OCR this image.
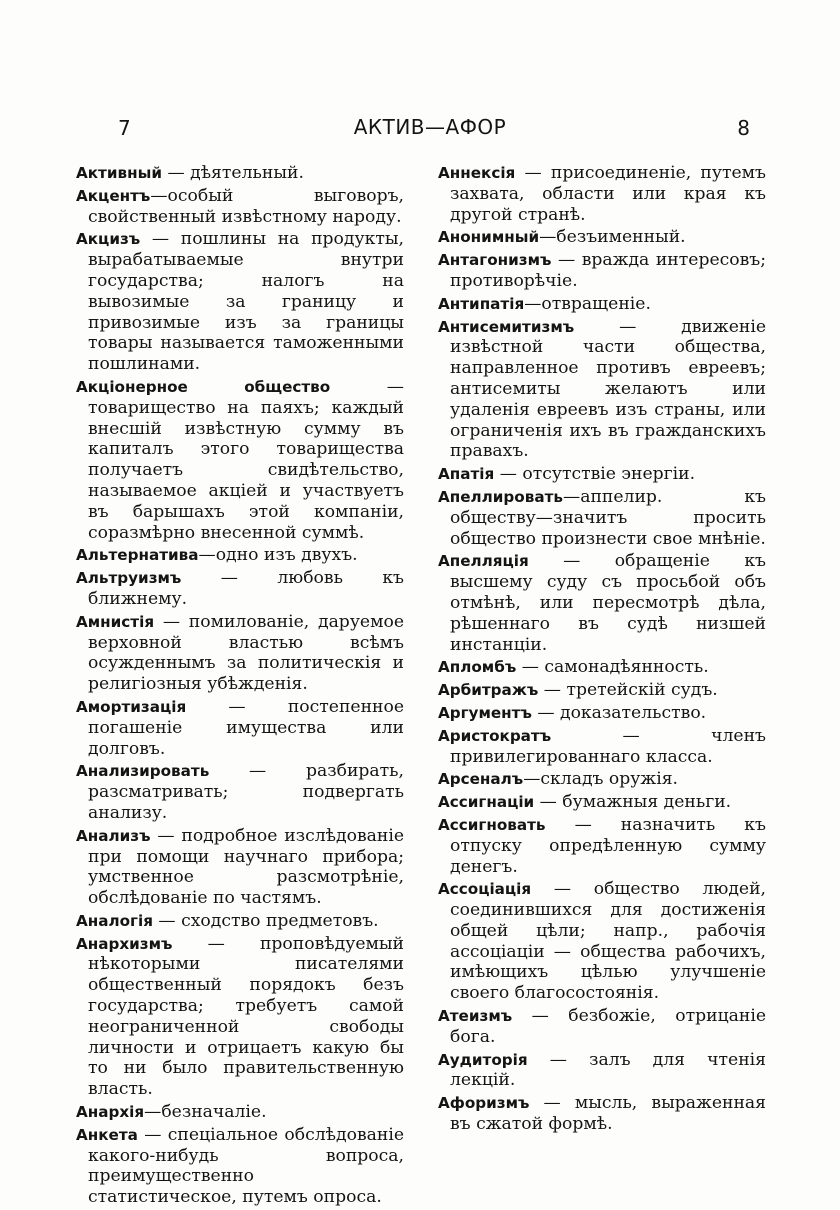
7	АКТИВ—АФОР	8

Активный — дѣятельный.

Акцентъ—особый выговоръ, свойственный извѣстному народу.

Акцизъ — пошлины на продукты, вырабатываемые внутри государства; налогъ на вывозимые за границу и привозимые изъ за границы товары называется таможенными пошлинами.

Акціонерное общество — товарищество на паяхъ; каждый внесшій извѣстную сумму въ капиталъ этого товарищества получаетъ свидѣтельство, называемое акціей и участвуетъ въ барышахъ этой компаніи, соразмѣрно внесенной суммѣ.

Альтернатива—одно изъ двухъ.

Альтруизмъ — любовь къ ближнему.

Амнистія — помилованіе, даруемое верховной властью всѣмъ осужденнымъ за политическія и религіозныя убѣжденія.

Амортизація — постепенное погашеніе имущества или долговъ.

Анализировать — разбирать, разсматривать; подвергать анализу.

Анализъ — подробное изслѣдованіе при помощи научнаго прибора; умственное разсмотрѣніе, обслѣдованіе по частямъ.

Аналогія — сходство предметовъ.

Анархизмъ — проповѣдуемый нѣкоторыми писателями общественный порядокъ безъ государства; требуетъ самой неограниченной свободы личности и отрицаетъ какую бы то ни было правительственную власть.

Анархія—безначаліе.

Анкета — спеціальное обслѣдованіе какого-нибудь вопроса, преимущественно статистическое, путемъ опроса.

Аннексія — присоединеніе, путемъ захвата, области или края къ другой странѣ.

Анонимный—безъименный.

Антагонизмъ — вражда интересовъ; противорѣчіе.

Антипатія—отвращеніе.

Антисемитизмъ — движеніе извѣстной части общества, направленное противъ евреевъ; антисемиты желаютъ или удаленія евреевъ изъ страны, или ограниченія ихъ въ гражданскихъ правахъ.

Апатія — отсутствіе энергіи.

Апеллировать—аппелир. къ обществу—значитъ просить общество произнести свое мнѣніе.

Апелляція — обращеніе къ высшему суду съ просьбой объ отмѣнѣ, или пересмотрѣ дѣла, рѣшеннаго въ судѣ низшей инстанціи.

Апломбъ — самонадѣянность.

Арбитражъ — третейскій судъ.

Аргументъ — доказательство.

Аристократъ — членъ привилегированнаго класса.

Арсеналъ—складъ оружія.

Ассигнаціи — бумажныя деньги.

Ассигновать — назначить къ отпуску опредѣленную сумму денегъ.

Ассоціація — общество людей, соединившихся для достиженія общей цѣли; напр., рабочія ассоціаціи — общества рабочихъ, имѣющихъ цѣлью улучшеніе своего благосостоянія.

Атеизмъ — безбожіе, отрицаніе бога.

Аудиторія — залъ для чтенія лекцій.

Афоризмъ — мысль, выраженная въ сжатой формѣ.
